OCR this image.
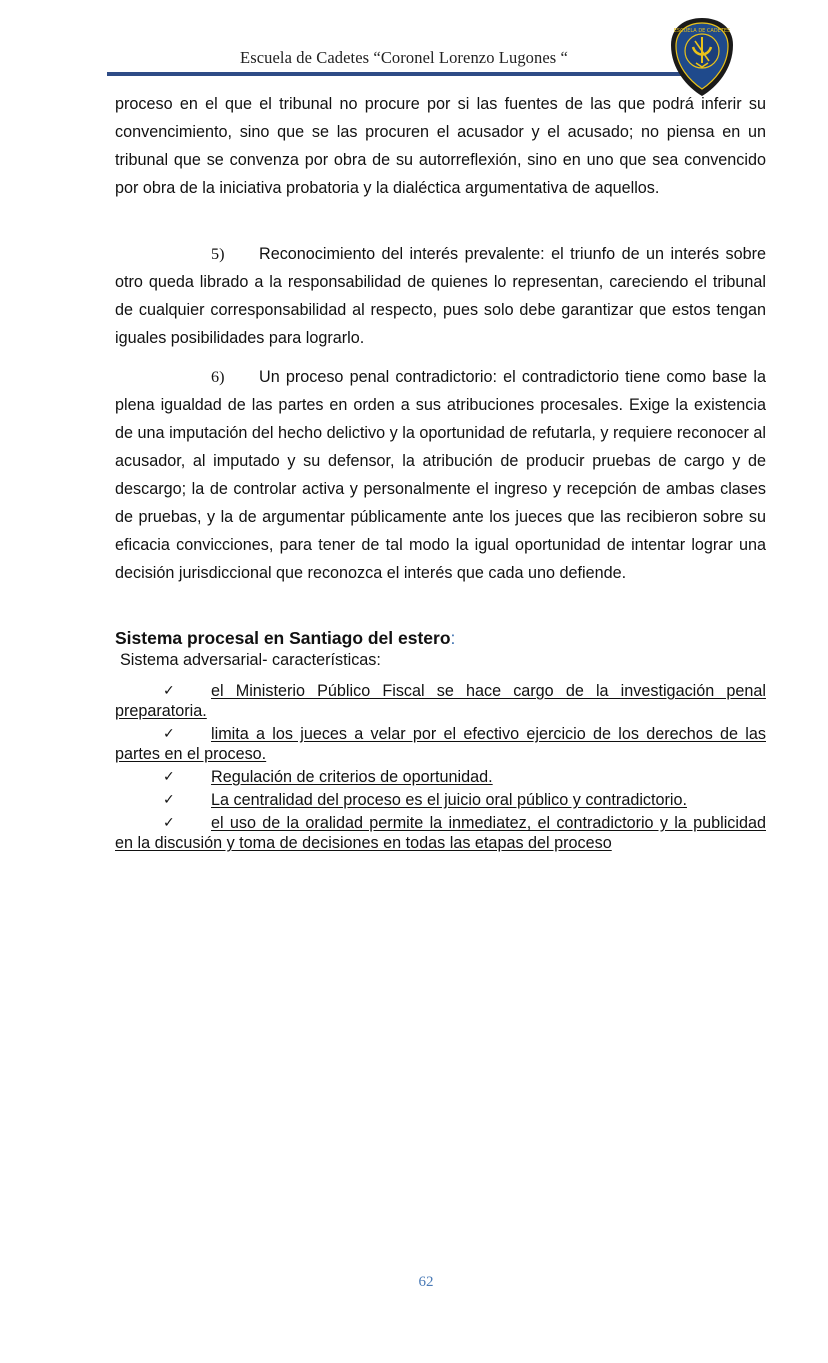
Escuela de Cadetes “Coronel Lorenzo Lugones “
ESCUELA DE CADETES

proceso en el que el tribunal no procure por si las fuentes de las que podrá inferir su convencimiento, sino que se las procuren el acusador y el acusado; no piensa en un tribunal que se convenza por obra de su autorreflexión, sino en uno que sea convencido por obra de la iniciativa probatoria y la dialéctica argumentativa de aquellos.

5) Reconocimiento del interés prevalente: el triunfo de un interés sobre otro queda librado a la responsabilidad de quienes lo representan, careciendo el tribunal de cualquier corresponsabilidad al respecto, pues solo debe garantizar que estos tengan iguales posibilidades para lograrlo.

6) Un proceso penal contradictorio: el contradictorio tiene como base la plena igualdad de las partes en orden a sus atribuciones procesales. Exige la existencia de una imputación del hecho delictivo y la oportunidad de refutarla, y requiere reconocer al acusador, al imputado y su defensor, la atribución de producir pruebas de cargo y de descargo; la de controlar activa y personalmente el ingreso y recepción de ambas clases de pruebas, y la de argumentar públicamente ante los jueces que las recibieron sobre su eficacia convicciones, para tener de tal modo la igual oportunidad de intentar lograr una decisión jurisdiccional que reconozca el interés que cada uno defiende.

Sistema procesal en Santiago del estero:

Sistema adversarial- características:

✓ el Ministerio Público Fiscal se hace cargo de la investigación penal preparatoria.
✓ limita a los jueces a velar por el efectivo ejercicio de los derechos de las partes en el proceso.
✓ Regulación de criterios de oportunidad.
✓ La centralidad del proceso es el juicio oral público y contradictorio.
✓ el uso de la oralidad permite la inmediatez, el contradictorio y la publicidad en la discusión y toma de decisiones en todas las etapas del proceso
62
